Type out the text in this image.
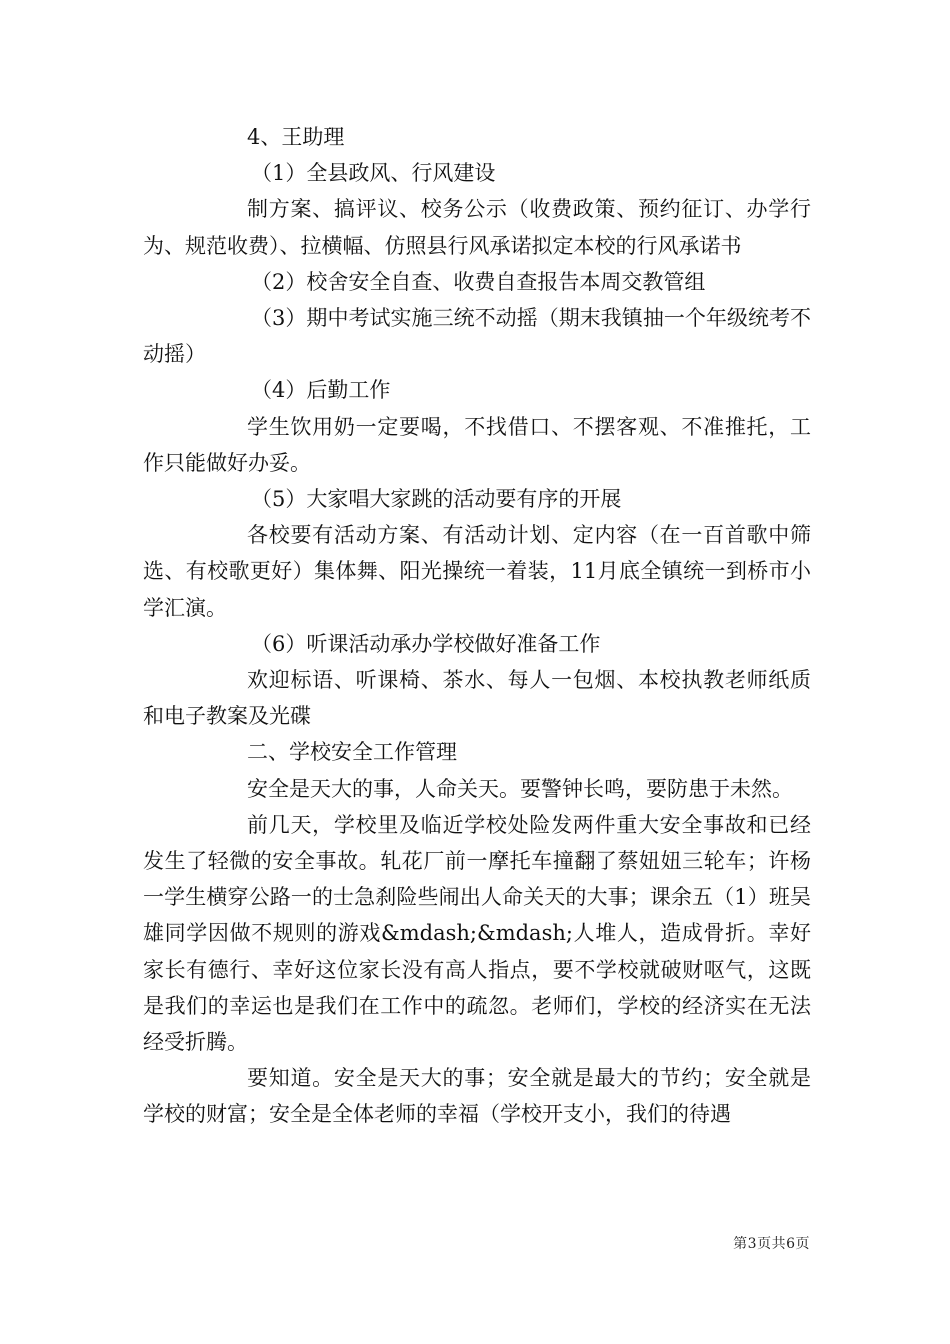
4、王助理

（1）全县政风、行风建设

制方案、搞评议、校务公示（收费政策、预约征订、办学行为、规范收费）、拉横幅、仿照县行风承诺拟定本校的行风承诺书

（2）校舍安全自查、收费自查报告本周交教管组

（3）期中考试实施三统不动摇（期末我镇抽一个年级统考不动摇）

（4）后勤工作

学生饮用奶一定要喝，不找借口、不摆客观、不准推托，工作只能做好办妥。

（5）大家唱大家跳的活动要有序的开展

各校要有活动方案、有活动计划、定内容（在一百首歌中筛选、有校歌更好）集体舞、阳光操统一着装，11月底全镇统一到桥市小学汇演。

（6）听课活动承办学校做好准备工作

欢迎标语、听课椅、茶水、每人一包烟、本校执教老师纸质和电子教案及光碟

二、学校安全工作管理

安全是天大的事，人命关天。要警钟长鸣，要防患于未然。

前几天，学校里及临近学校处险发两件重大安全事故和已经发生了轻微的安全事故。轧花厂前一摩托车撞翻了蔡妞妞三轮车；许杨一学生横穿公路一的士急刹险些闹出人命关天的大事；课余五（1）班吴雄同学因做不规则的游戏&mdash;&mdash;人堆人，造成骨折。幸好家长有德行、幸好这位家长没有高人指点，要不学校就破财呕气，这既是我们的幸运也是我们在工作中的疏忽。老师们，学校的经济实在无法经受折腾。

要知道。安全是天大的事；安全就是最大的节约；安全就是学校的财富；安全是全体老师的幸福（学校开支小，我们的待遇

第3页共6页
